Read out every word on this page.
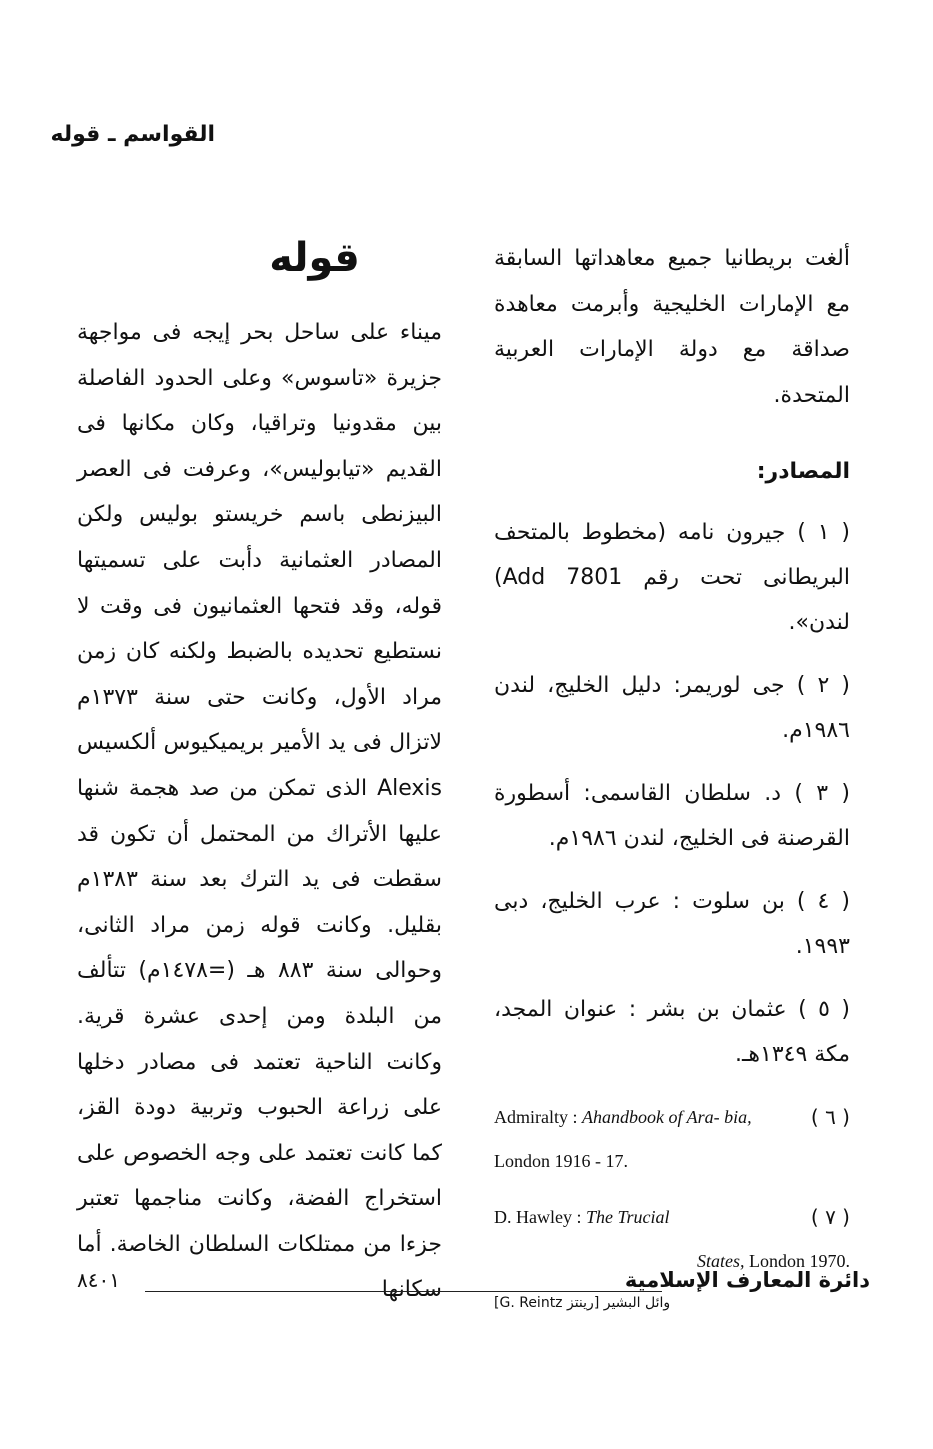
القواسم ـ قوله
قوله

ميناء على ساحل بحر إيجه فى مواجهة جزيرة «تاسوس» وعلى الحدود الفاصلة بين مقدونيا وتراقيا، وكان مكانها فى القديم «تيابوليس»، وعرفت فى العصر البيزنطى باسم خريستو بوليس ولكن المصادر العثمانية دأبت على تسميتها قوله، وقد فتحها العثمانيون فى وقت لا نستطيع تحديده بالضبط ولكنه كان زمن مراد الأول، وكانت حتى سنة ١٣٧٣م لاتزال فى يد الأمير بريميكيوس ألكسيس Alexis الذى تمكن من صد هجمة شنها عليها الأتراك من المحتمل أن تكون قد سقطت فى يد الترك بعد سنة ١٣٨٣م بقليل. وكانت قوله زمن مراد الثانى، وحوالى سنة ٨٨٣ هـ (=١٤٧٨م) تتألف من البلدة ومن إحدى عشرة قرية. وكانت الناحية تعتمد فى مصادر دخلها على زراعة الحبوب وتربية دودة القز، كما كانت تعتمد على وجه الخصوص على استخراج الفضة، وكانت مناجمها تعتبر جزءا من ممتلكات السلطان الخاصة. أما سكانها

ألغت بريطانيا جميع معاهداتها السابقة مع الإمارات الخليجية وأبرمت معاهدة صداقة مع دولة الإمارات العربية المتحدة.

المصادر:
( ١ ) جيرون نامه (مخطوط بالمتحف البريطانى تحت رقم Add 7801) لندن».
( ٢ ) جى لوريمر: دليل الخليج، لندن ١٩٨٦م.
( ٣ ) د. سلطان القاسمى: أسطورة القرصنة فى الخليج، لندن ١٩٨٦م.
( ٤ ) بن سلوت : عرب الخليج، دبى ١٩٩٣.
( ٥ ) عثمان بن بشر : عنوان المجد، مكة ١٣٤٩هـ.
( ٦ )
Admiralty : Ahandbook of Ara- bia, London 1916 - 17.
( ٧ )
D. Hawley : The Trucial
States, London 1970.
وائل البشير [رينتز G. Reintz]
دائرة المعارف الإسلامية
٨٤٠١
